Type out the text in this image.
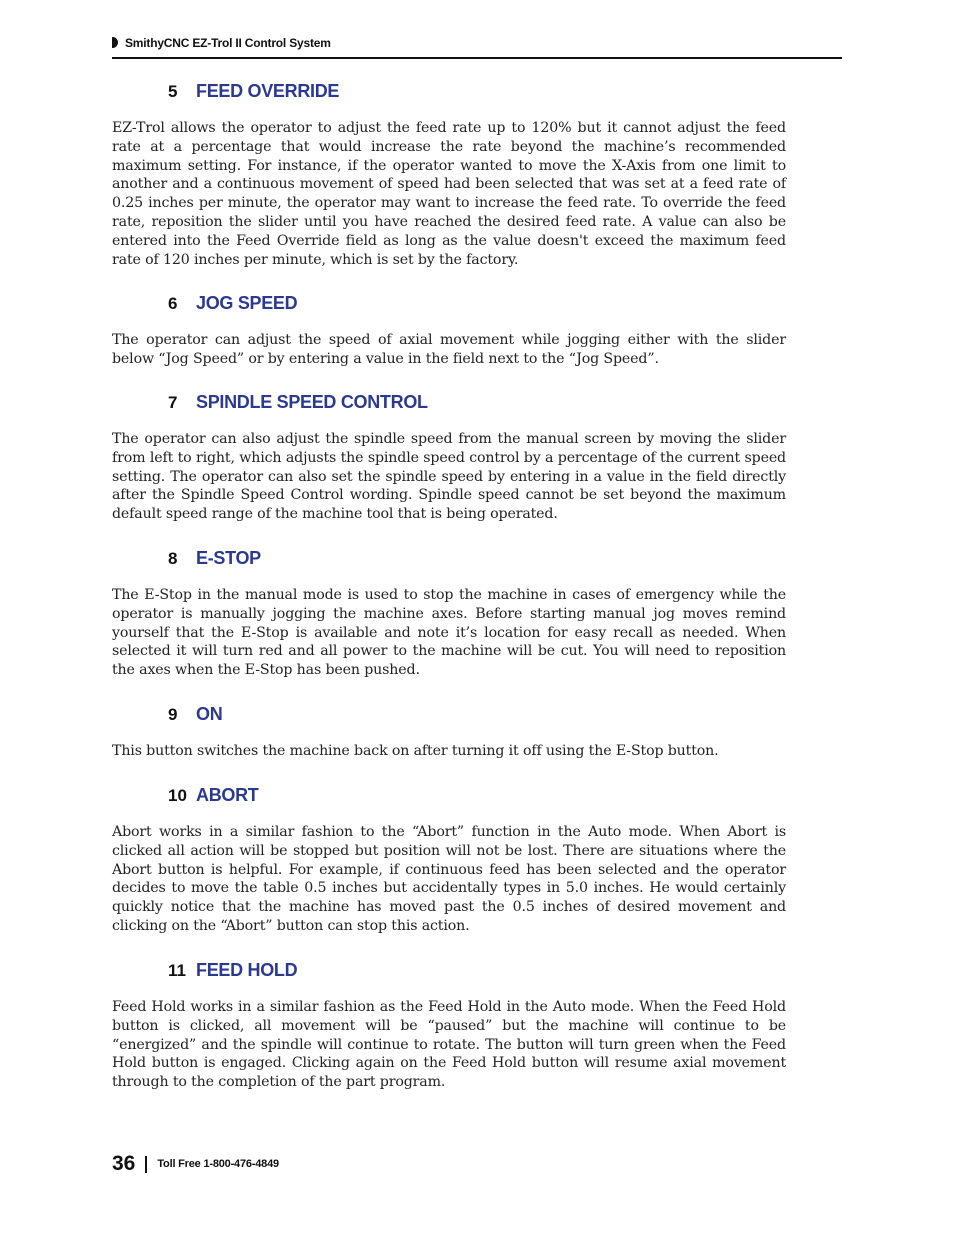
SmithyCNC EZ-Trol II Control System
5 FEED OVERRIDE

EZ-Trol allows the operator to adjust the feed rate up to 120% but it cannot adjust the feed rate at a percentage that would increase the rate beyond the machine’s recommended maximum setting. For instance, if the operator wanted to move the X-Axis from one limit to another and a continuous movement of speed had been selected that was set at a feed rate of 0.25 inches per minute, the operator may want to increase the feed rate. To override the feed rate, reposition the slider until you have reached the desired feed rate. A value can also be entered into the Feed Override field as long as the value doesn't exceed the maximum feed rate of 120 inches per minute, which is set by the factory.

6 JOG SPEED

The operator can adjust the speed of axial movement while jogging either with the slider below “Jog Speed” or by entering a value in the field next to the “Jog Speed”.

7 SPINDLE SPEED CONTROL

The operator can also adjust the spindle speed from the manual screen by moving the slider from left to right, which adjusts the spindle speed control by a percentage of the current speed setting. The operator can also set the spindle speed by entering in a value in the field directly after the Spindle Speed Control wording. Spindle speed cannot be set beyond the maximum default speed range of the machine tool that is being operated.

8 E-STOP

The E-Stop in the manual mode is used to stop the machine in cases of emergency while the operator is manually jogging the machine axes. Before starting manual jog moves remind yourself that the E-Stop is available and note it’s location for easy recall as needed. When selected it will turn red and all power to the machine will be cut. You will need to reposition the axes when the E-Stop has been pushed.

9 ON

This button switches the machine back on after turning it off using the E-Stop button.

10 ABORT

Abort works in a similar fashion to the “Abort” function in the Auto mode. When Abort is clicked all action will be stopped but position will not be lost. There are situations where the Abort button is helpful. For example, if continuous feed has been selected and the operator decides to move the table 0.5 inches but accidentally types in 5.0 inches. He would certainly quickly notice that the machine has moved past the 0.5 inches of desired movement and clicking on the “Abort” button can stop this action.

11 FEED HOLD

Feed Hold works in a similar fashion as the Feed Hold in the Auto mode. When the Feed Hold button is clicked, all movement will be “paused” but the machine will continue to be “energized” and the spindle will continue to rotate. The button will turn green when the Feed Hold button is engaged. Clicking again on the Feed Hold button will resume axial movement through to the completion of the part program.

36 Toll Free 1-800-476-4849
